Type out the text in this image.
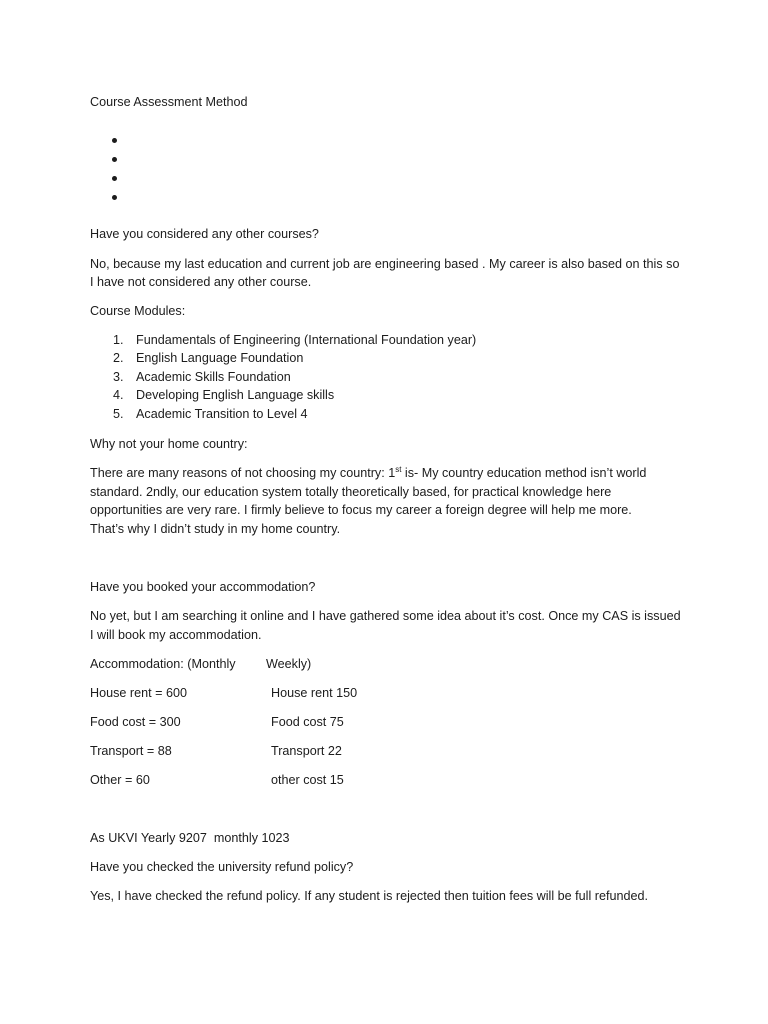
Course Assessment Method
Have you considered any other courses?
No, because my last education and current job are engineering based . My career is also based on this so
I have not considered any other course.
Course Modules:
1. Fundamentals of Engineering (International Foundation year)
2. English Language Foundation
3. Academic Skills Foundation
4. Developing English Language skills
5. Academic Transition to Level 4
Why not your home country:
There are many reasons of not choosing my country: 1st is- My country education method isn’t world
standard. 2ndly, our education system totally theoretically based, for practical knowledge here
opportunities are very rare. I firmly believe to focus my career a foreign degree will help me more.
That’s why I didn’t study in my home country.
Have you booked your accommodation?
No yet, but I am searching it online and I have gathered some idea about it’s cost. Once my CAS is issued
I will book my accommodation.
Accommodation: (Monthly Weekly)
House rent = 600	House rent 150
Food cost = 300	Food cost 75
Transport = 88	Transport 22
Other = 60	other cost 15
As UKVI Yearly 9207  monthly 1023
Have you checked the university refund policy?
Yes, I have checked the refund policy. If any student is rejected then tuition fees will be full refunded.
